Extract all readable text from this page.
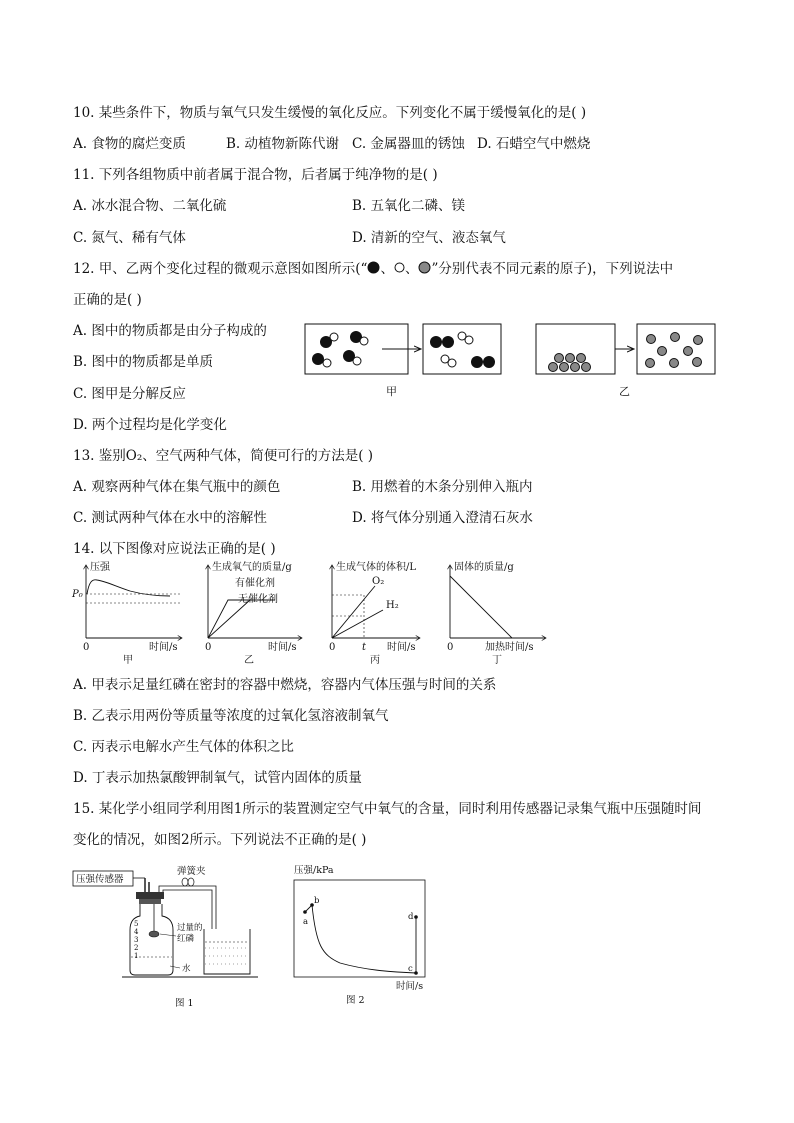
10. 某些条件下，物质与氧气只发生缓慢的氧化反应。下列变化不属于缓慢氧化的是( )
A. 食物的腐烂变质	B. 动植物新陈代谢 C. 金属器皿的锈蚀 D. 石蜡空气中燃烧
11. 下列各组物质中前者属于混合物，后者属于纯净物的是( )
A. 冰水混合物、二氧化硫	B. 五氧化二磷、镁
C. 氮气、稀有气体	D. 清新的空气、液态氧气
12. 甲、乙两个变化过程的微观示意图如图所示(“ 、 、 ”分别代表不同元素的原子)，下列说法中
正确的是( )
A. 图中的物质都是由分子构成的
B. 图中的物质都是单质
C. 图甲是分解反应
D. 两个过程均是化学变化
甲	乙
13. 鉴别O₂、空气两种气体，简便可行的方法是( )
A. 观察两种气体在集气瓶中的颜色	B. 用燃着的木条分别伸入瓶内
C. 测试两种气体在水中的溶解性	D. 将气体分别通入澄清石灰水
14. 以下图像对应说法正确的是( )
压强
P₀
0	时间/s
甲
生成氧气的质量/g
有催化剂
无催化剂
0	时间/s
乙
生成气体的体积/L
O₂
H₂
0	t 时间/s
丙
固体的质量/g
0	加热时间/s
丁
A. 甲表示足量红磷在密封的容器中燃烧，容器内气体压强与时间的关系
B. 乙表示用两份等质量等浓度的过氧化氢溶液制氧气
C. 丙表示电解水产生气体的体积之比
D. 丁表示加热氯酸钾制氧气，试管内固体的质量
15. 某化学小组同学利用图1所示的装置测定空气中氧气的含量，同时利用传感器记录集气瓶中压强随时间
变化的情况，如图2所示。下列说法不正确的是( )
压强传感器
5
4
3
2
1
弹簧夹
过量的
红磷
水
图 1
压强/kPa
a
b
c
d
时间/s
图 2
